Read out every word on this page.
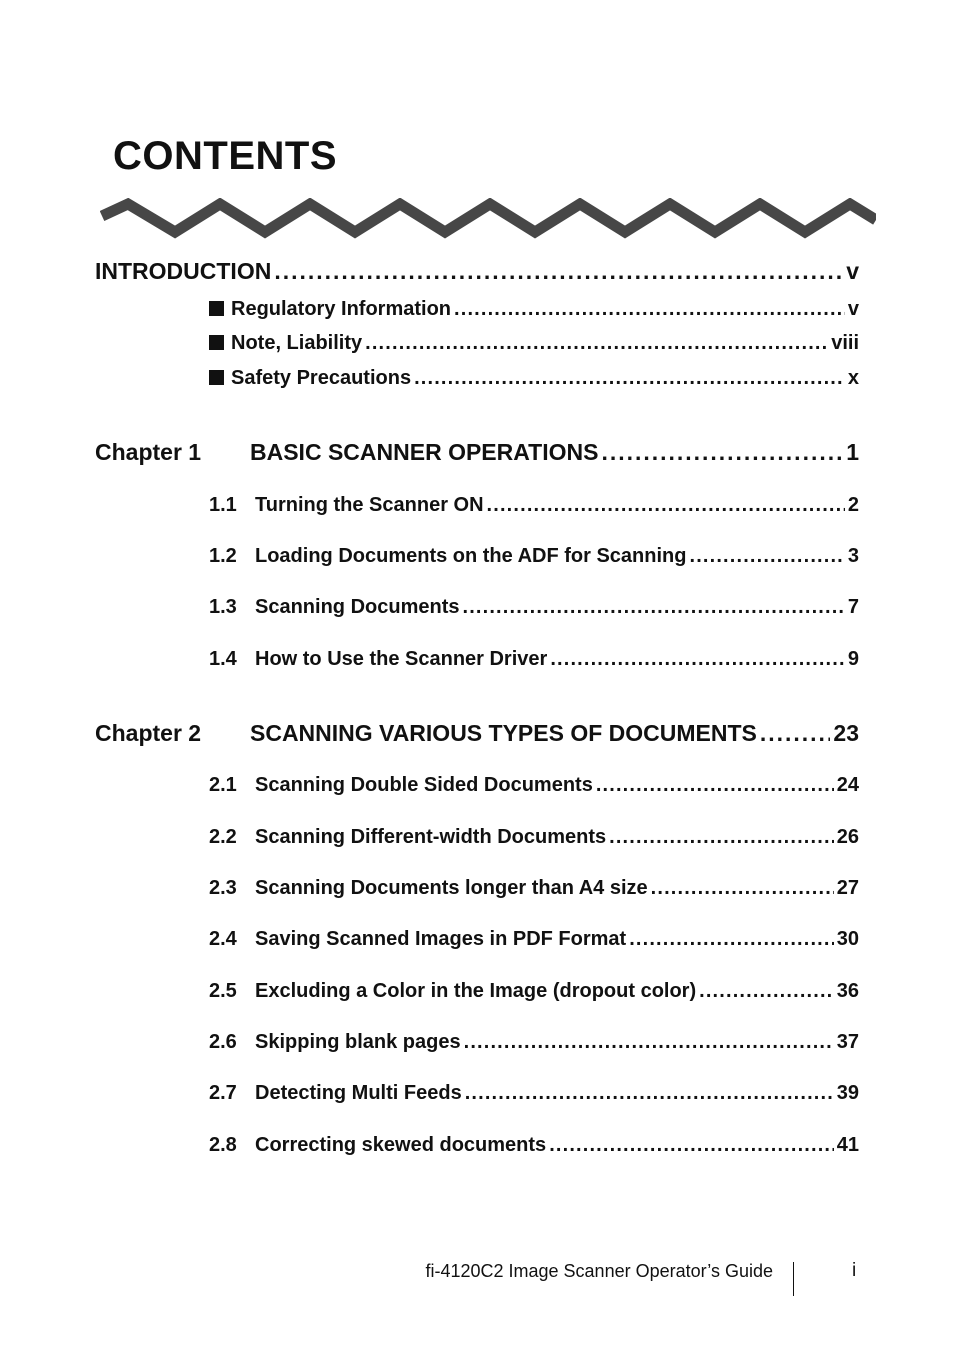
CONTENTS
INTRODUCTION . . .	v
Regulatory Information . . .	v
Note, Liability . . .	viii
Safety Precautions . . .	x
Chapter 1	BASIC SCANNER OPERATIONS . . .	1
1.1 Turning the Scanner ON . . .	2
1.2 Loading Documents on the ADF for Scanning . . .	3
1.3 Scanning Documents . . .	7
1.4 How to Use the Scanner Driver . . .	9
Chapter 2	SCANNING VARIOUS TYPES OF DOCUMENTS . . .	23
2.1 Scanning Double Sided Documents . . .	24
2.2 Scanning Different-width Documents . . .	26
2.3 Scanning Documents longer than A4 size . . .	27
2.4 Saving Scanned Images in PDF Format . . .	30
2.5 Excluding a Color in the Image (dropout color) . . .	36
2.6 Skipping blank pages . . .	37
2.7 Detecting Multi Feeds . . .	39
2.8 Correcting skewed documents . . .	41
fi-4120C2 Image Scanner Operator’s Guide	i
